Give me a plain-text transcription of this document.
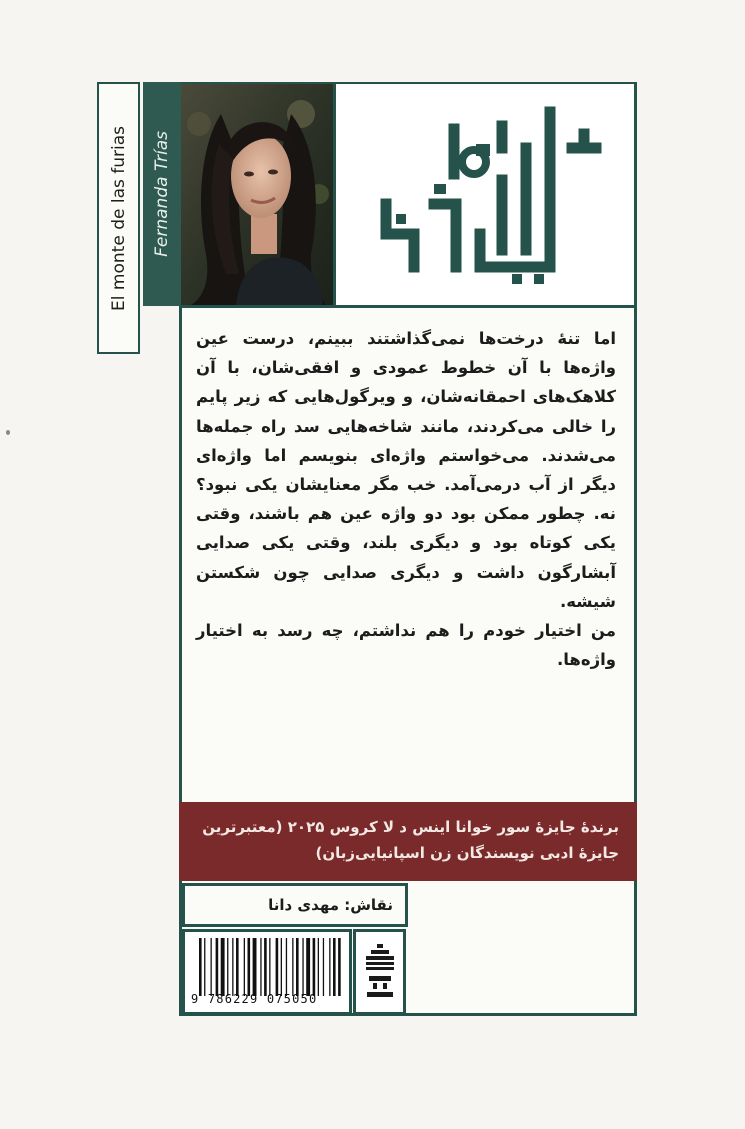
El monte de las furias Fernanda Trías

اما تنهٔ درخت‌ها نمی‌گذاشتند ببینم، درست عین واژه‌ها با آن خطوط عمودی و افقی‌شان، با آن کلاهک‌های احمقانه‌شان، و ویرگول‌هایی که زیر پایم را خالی می‌کردند، مانند شاخه‌هایی سد راه جمله‌ها می‌شدند. می‌خواستم واژه‌ای بنویسم اما واژه‌ای دیگر از آب درمی‌آمد. خب مگر معنایشان یکی نبود؟ نه. چطور ممکن بود دو واژه عین هم باشند، وقتی یکی کوتاه بود و دیگری بلند، وقتی یکی صدایی آبشارگون داشت و دیگری صدایی چون شکستن شیشه.

من اختیار خودم را هم نداشتم، چه رسد به اختیار واژه‌ها.

برندهٔ جایزهٔ سور خوانا اینس د لا کروس ۲۰۲۵ (معتبرترین جایزهٔ ادبی نویسندگان زن اسپانیایی‌زبان)
نقاش: مهدی دانا
9 786229 075050
